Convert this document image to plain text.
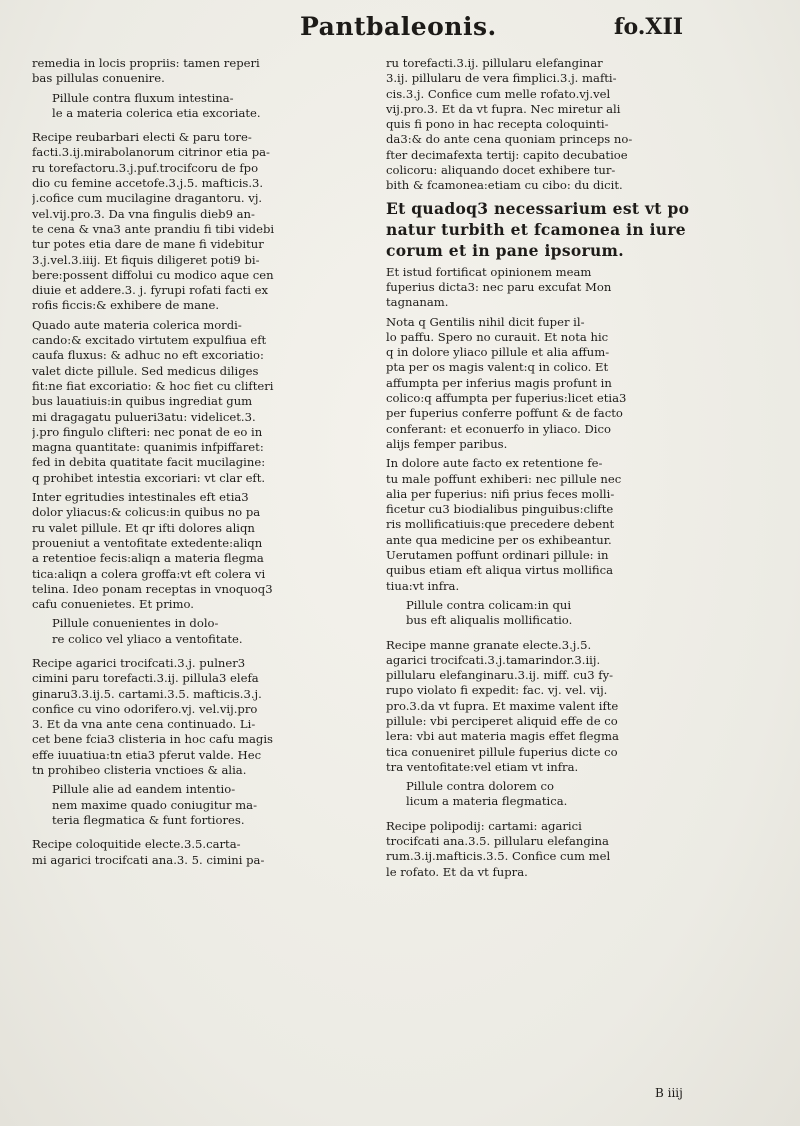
Pantbaleonis.	fo.XII
remedia in locis propriis: tamen reperi
bas pillulas conuenire.
Pillule contra fluxum intestina-
le a materia colerica etia excoriate.
Recipe reubarbari electi & paru tore-
facti.3.ij.mirabolanorum citrinor etia pa-
ru torefactoru.3.j.puf.trocifcoru de fpo
dio cu femine accetofe.3.j.5. mafticis.3.
j.cofice cum mucilagine dragantoru. vj.
vel.vij.pro.3. Da vna fingulis dieb9 an-
te cena & vna3 ante prandiu fi tibi videbi
tur potes etia dare de mane fi videbitur
3.j.vel.3.iiij. Et fiquis diligeret poti9 bi-
bere:possent diffolui cu modico aque cen
diuie et addere.3. j. fyrupi rofati facti ex
rofis ficcis:& exhibere de mane.
Quado aute materia colerica mordi-
cando:& excitado virtutem expulfiua eft
caufa fluxus: & adhuc no eft excoriatio:
valet dicte pillule. Sed medicus diliges
fit:ne fiat excoriatio: & hoc fiet cu clifteri
bus lauatiuis:in quibus ingrediat gum
mi dragagatu pulueri3atu: videlicet.3.
j.pro fingulo clifteri: nec ponat de eo in
magna quantitate: quanimis infpiffaret:
fed in debita quatitate facit mucilagine:
q prohibet intestia excoriari: vt clar eft.
Inter egritudies intestinales eft etia3
dolor yliacus:& colicus:in quibus no pa
ru valet pillule. Et qr ifti dolores aliqn
proueniut a ventofitate extedente:aliqn
a retentioe fecis:aliqn a materia flegma
tica:aliqn a colera groffa:vt eft colera vi
telina. Ideo ponam receptas in vnoquoq3
cafu conuenietes. Et primo.
Pillule conuenientes in dolo-
re colico vel yliaco a ventofitate.
Recipe agarici trocifcati.3.j. pulner3
cimini paru torefacti.3.ij. pillula3 elefa
ginaru3.3.ij.5. cartami.3.5. mafticis.3.j.
confice cu vino odorifero.vj. vel.vij.pro
3. Et da vna ante cena continuado. Li-
cet bene fcia3 clisteria in hoc cafu magis
effe iuuatiua:tn etia3 pferut valde. Hec
tn prohibeo clisteria vnctioes & alia.
Pillule alie ad eandem intentio-
nem maxime quado coniugitur ma-
teria flegmatica & funt fortiores.
Recipe coloquitide electe.3.5.carta-
mi agarici trocifcati ana.3. 5. cimini pa-
ru torefacti.3.ij. pillularu elefanginar
3.ij. pillularu de vera fimplici.3.j. mafti-
cis.3.j. Confice cum melle rofato.vj.vel
vij.pro.3. Et da vt fupra. Nec miretur ali
quis fi pono in hac recepta coloquinti-
da3:& do ante cena quoniam princeps no-
fter decimafexta tertij: capito decubatioe
colicoru: aliquando docet exhibere tur-
bith & fcamonea:etiam cu cibo: du dicit.
Et quadoq3 necessarium est vt po
natur turbith et fcamonea in iure
corum et in pane ipsorum.
Et istud fortificat opinionem meam
fuperius dicta3: nec paru excufat Mon
tagnanam.
Nota q Gentilis nihil dicit fuper il-
lo paffu. Spero no curauit. Et nota hic
q in dolore yliaco pillule et alia affum-
pta per os magis valent:q in colico. Et
affumpta per inferius magis profunt in
colico:q affumpta per fuperius:licet etia3
per fuperius conferre poffunt & de facto
conferant: et econuerfo in yliaco. Dico
alijs femper paribus.
In dolore aute facto ex retentione fe-
tu male poffunt exhiberi: nec pillule nec
alia per fuperius: nifi prius feces molli-
ficetur cu3 biodialibus pinguibus:clifte
ris mollificatiuis:que precedere debent
ante qua medicine per os exhibeantur.
Uerutamen poffunt ordinari pillule: in
quibus etiam eft aliqua virtus mollifica
tiua:vt infra.
Pillule contra colicam:in qui
bus eft aliqualis mollificatio.
Recipe manne granate electe.3.j.5.
agarici trocifcati.3.j.tamarindor.3.iij.
pillularu elefanginaru.3.ij. miff. cu3 fy-
rupo violato fi expedit: fac. vj. vel. vij.
pro.3.da vt fupra. Et maxime valent ifte
pillule: vbi perciperet aliquid effe de co
lera: vbi aut materia magis effet flegma
tica conueniret pillule fuperius dicte co
tra ventofitate:vel etiam vt infra.
Pillule contra dolorem co
licum a materia flegmatica.
Recipe polipodij: cartami: agarici
trocifcati ana.3.5. pillularu elefangina
rum.3.ij.mafticis.3.5. Confice cum mel
le rofato. Et da vt fupra.
B iiij
